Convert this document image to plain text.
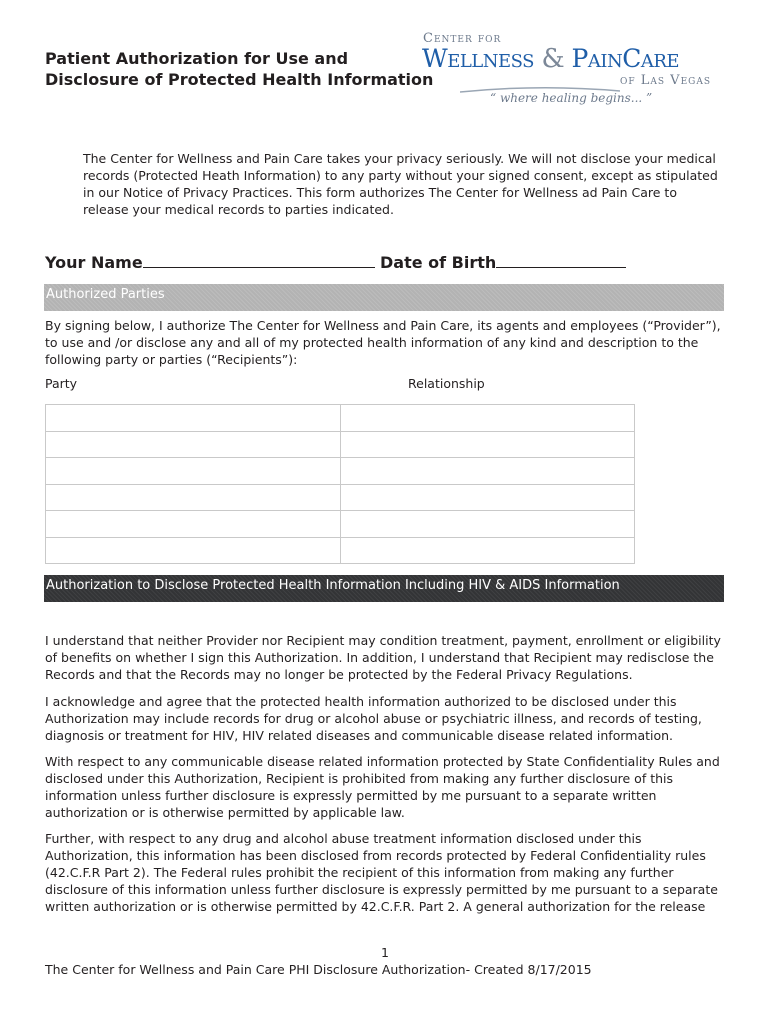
Patient Authorization for Use and
Disclosure of Protected Health Information
Center for
Wellness & PainCare
of Las Vegas
“ where healing begins... ”
The Center for Wellness and Pain Care takes your privacy seriously. We will not disclose your medical records (Protected Heath Information) to any party without your signed consent, except as stipulated in our Notice of Privacy Practices. This form authorizes The Center for Wellness ad Pain Care to release your medical records to parties indicated.
Your Name	Date of Birth
Authorized Parties
By signing below, I authorize The Center for Wellness and Pain Care, its agents and employees (“Provider”), to use and /or disclose any and all of my protected health information of any kind and description to the following party or parties (“Recipients”):
Party	Relationship

Authorization to Disclose Protected Health Information Including HIV & AIDS Information
I understand that neither Provider nor Recipient may condition treatment, payment, enrollment or eligibility of benefits on whether I sign this Authorization. In addition, I understand that Recipient may redisclose the Records and that the Records may no longer be protected by the Federal Privacy Regulations.
I acknowledge and agree that the protected health information authorized to be disclosed under this Authorization may include records for drug or alcohol abuse or psychiatric illness, and records of testing, diagnosis or treatment for HIV, HIV related diseases and communicable disease related information.
With respect to any communicable disease related information protected by State Confidentiality Rules and disclosed under this Authorization, Recipient is prohibited from making any further disclosure of this information unless further disclosure is expressly permitted by me pursuant to a separate written authorization or is otherwise permitted by applicable law.
Further, with respect to any drug and alcohol abuse treatment information disclosed under this Authorization, this information has been disclosed from records protected by Federal Confidentiality rules (42.C.F.R Part 2). The Federal rules prohibit the recipient of this information from making any further disclosure of this information unless further disclosure is expressly permitted by me pursuant to a separate written authorization or is otherwise permitted by 42.C.F.R. Part 2. A general authorization for the release
1
The Center for Wellness and Pain Care PHI Disclosure Authorization- Created 8/17/2015
